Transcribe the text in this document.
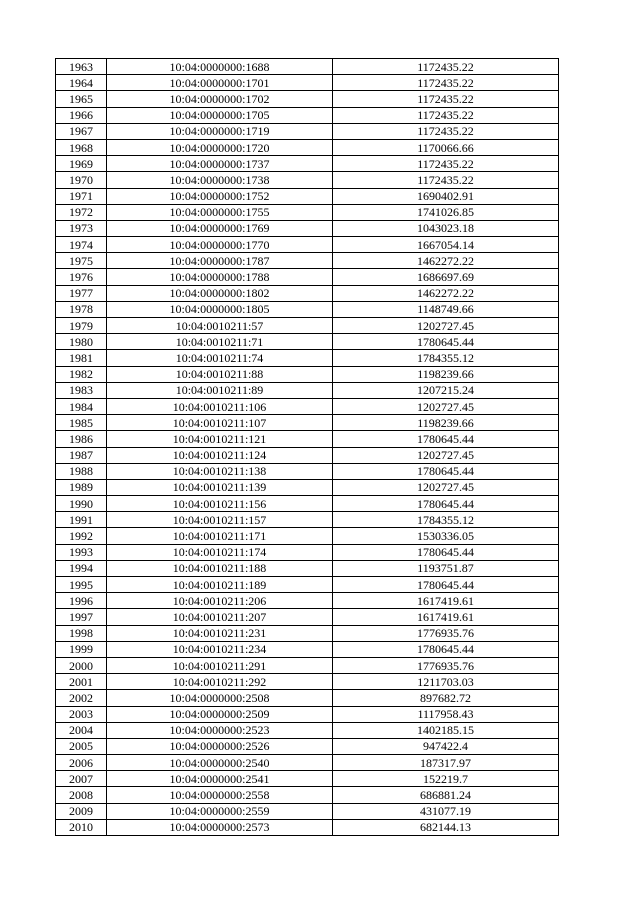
1963	10:04:0000000:1688	1172435.22
1964	10:04:0000000:1701	1172435.22
1965	10:04:0000000:1702	1172435.22
1966	10:04:0000000:1705	1172435.22
1967	10:04:0000000:1719	1172435.22
1968	10:04:0000000:1720	1170066.66
1969	10:04:0000000:1737	1172435.22
1970	10:04:0000000:1738	1172435.22
1971	10:04:0000000:1752	1690402.91
1972	10:04:0000000:1755	1741026.85
1973	10:04:0000000:1769	1043023.18
1974	10:04:0000000:1770	1667054.14
1975	10:04:0000000:1787	1462272.22
1976	10:04:0000000:1788	1686697.69
1977	10:04:0000000:1802	1462272.22
1978	10:04:0000000:1805	1148749.66
1979	10:04:0010211:57	1202727.45
1980	10:04:0010211:71	1780645.44
1981	10:04:0010211:74	1784355.12
1982	10:04:0010211:88	1198239.66
1983	10:04:0010211:89	1207215.24
1984	10:04:0010211:106	1202727.45
1985	10:04:0010211:107	1198239.66
1986	10:04:0010211:121	1780645.44
1987	10:04:0010211:124	1202727.45
1988	10:04:0010211:138	1780645.44
1989	10:04:0010211:139	1202727.45
1990	10:04:0010211:156	1780645.44
1991	10:04:0010211:157	1784355.12
1992	10:04:0010211:171	1530336.05
1993	10:04:0010211:174	1780645.44
1994	10:04:0010211:188	1193751.87
1995	10:04:0010211:189	1780645.44
1996	10:04:0010211:206	1617419.61
1997	10:04:0010211:207	1617419.61
1998	10:04:0010211:231	1776935.76
1999	10:04:0010211:234	1780645.44
2000	10:04:0010211:291	1776935.76
2001	10:04:0010211:292	1211703.03
2002	10:04:0000000:2508	897682.72
2003	10:04:0000000:2509	1117958.43
2004	10:04:0000000:2523	1402185.15
2005	10:04:0000000:2526	947422.4
2006	10:04:0000000:2540	187317.97
2007	10:04:0000000:2541	152219.7
2008	10:04:0000000:2558	686881.24
2009	10:04:0000000:2559	431077.19
2010	10:04:0000000:2573	682144.13
